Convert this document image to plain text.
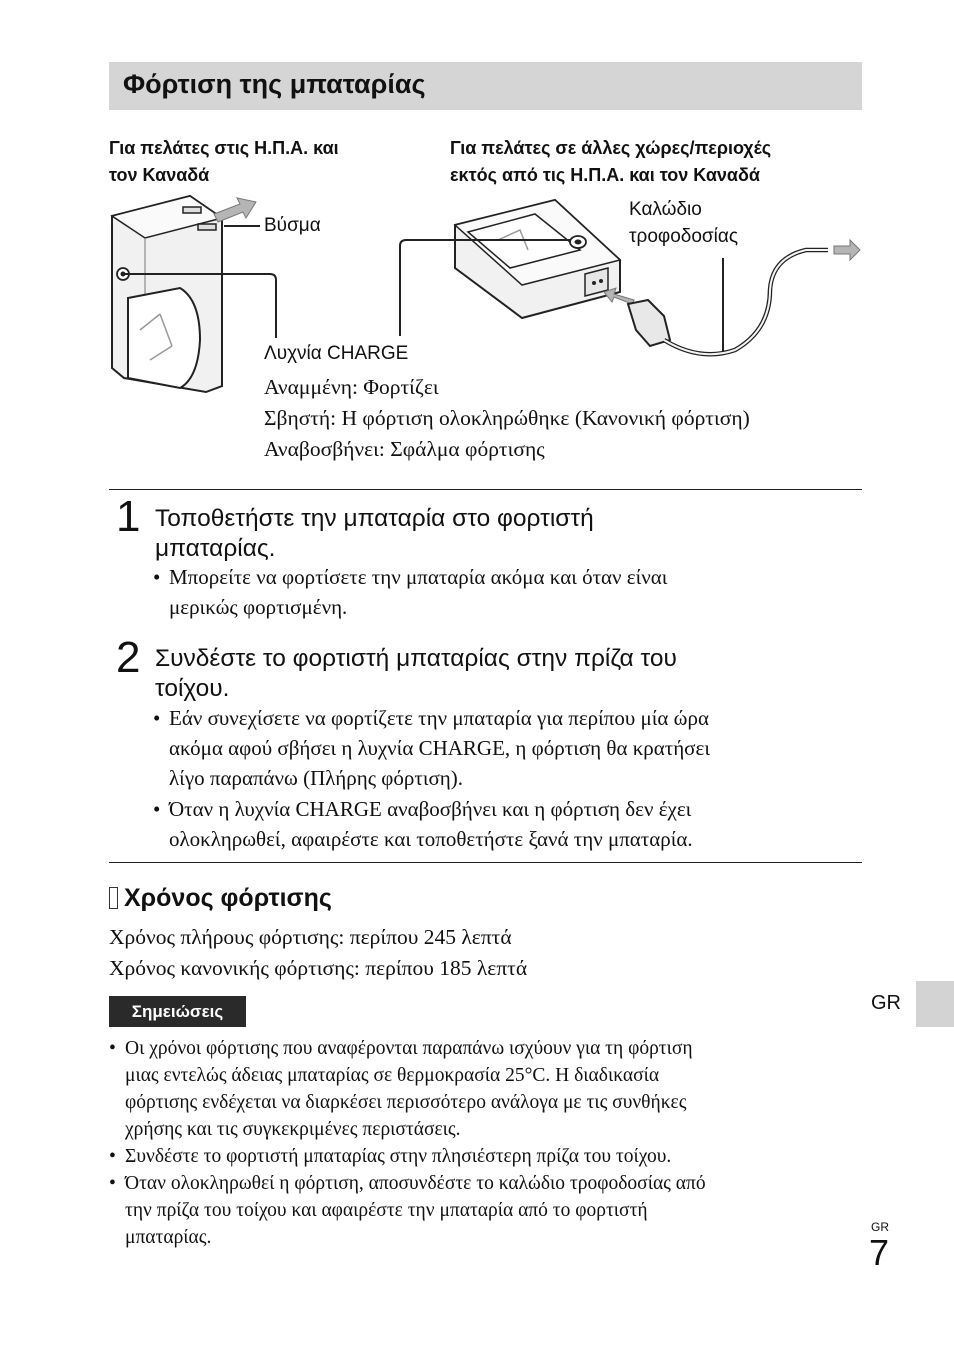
Φόρτιση της μπαταρίας
Για πελάτες στις Η.Π.Α. και
τον Καναδά
Για πελάτες σε άλλες χώρες/περιοχές
εκτός από τις Η.Π.Α. και τον Καναδά
Βύσμα
Καλώδιο
τροφοδοσίας
Λυχνία CHARGE
Αναμμένη: Φορτίζει
Σβηστή: Η φόρτιση ολοκληρώθηκε (Κανονική φόρτιση)
Αναβοσβήνει: Σφάλμα φόρτισης
1 Τοποθετήστε την μπαταρία στο φορτιστή
μπαταρίας.
• Μπορείτε να φορτίσετε την μπαταρία ακόμα και όταν είναι
μερικώς φορτισμένη.
2 Συνδέστε το φορτιστή μπαταρίας στην πρίζα του
τοίχου.
• Εάν συνεχίσετε να φορτίζετε την μπαταρία για περίπου μία ώρα
ακόμα αφού σβήσει η λυχνία CHARGE, η φόρτιση θα κρατήσει
λίγο παραπάνω (Πλήρης φόρτιση).
• Όταν η λυχνία CHARGE αναβοσβήνει και η φόρτιση δεν έχει
ολοκληρωθεί, αφαιρέστε και τοποθετήστε ξανά την μπαταρία.
Χρόνος φόρτισης
Χρόνος πλήρους φόρτισης: περίπου 245 λεπτά
Χρόνος κανονικής φόρτισης: περίπου 185 λεπτά
Σημειώσεις
• Οι χρόνοι φόρτισης που αναφέρονται παραπάνω ισχύουν για τη φόρτιση
μιας εντελώς άδειας μπαταρίας σε θερμοκρασία 25°C. Η διαδικασία
φόρτισης ενδέχεται να διαρκέσει περισσότερο ανάλογα με τις συνθήκες
χρήσης και τις συγκεκριμένες περιστάσεις.
• Συνδέστε το φορτιστή μπαταρίας στην πλησιέστερη πρίζα του τοίχου.
• Όταν ολοκληρωθεί η φόρτιση, αποσυνδέστε το καλώδιο τροφοδοσίας από
την πρίζα του τοίχου και αφαιρέστε την μπαταρία από το φορτιστή
μπαταρίας.
GR
GR
7
